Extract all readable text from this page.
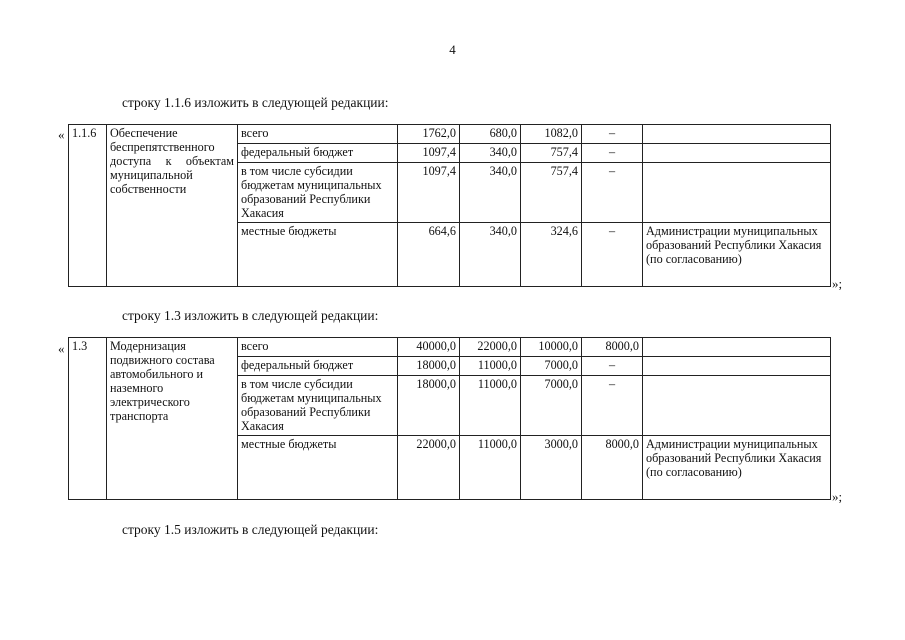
4
строку 1.1.6 изложить в следующей редакции:
« 1.1.6	Обеспечение беспрепятственного доступа к объектам муниципальной собственности	всего	1762,0	680,0	1082,0	–	
		федеральный бюджет	1097,4	340,0	757,4	–	
		в том числе субсидии бюджетам муниципальных образований Республики Хакасия	1097,4	340,0	757,4	–	
		местные бюджеты	664,6	340,0	324,6	–	Администрации муниципальных образований Республики Хакасия (по согласованию)
»;
строку 1.3 изложить в следующей редакции:
« 1.3	Модернизация подвижного состава автомобильного и наземного электрического транспорта	всего	40000,0	22000,0	10000,0	8000,0	
		федеральный бюджет	18000,0	11000,0	7000,0	–	
		в том числе субсидии бюджетам муниципальных образований Республики Хакасия	18000,0	11000,0	7000,0	–	
		местные бюджеты	22000,0	11000,0	3000,0	8000,0	Администрации муниципальных образований Республики Хакасия (по согласованию)
»;
строку 1.5 изложить в следующей редакции:
